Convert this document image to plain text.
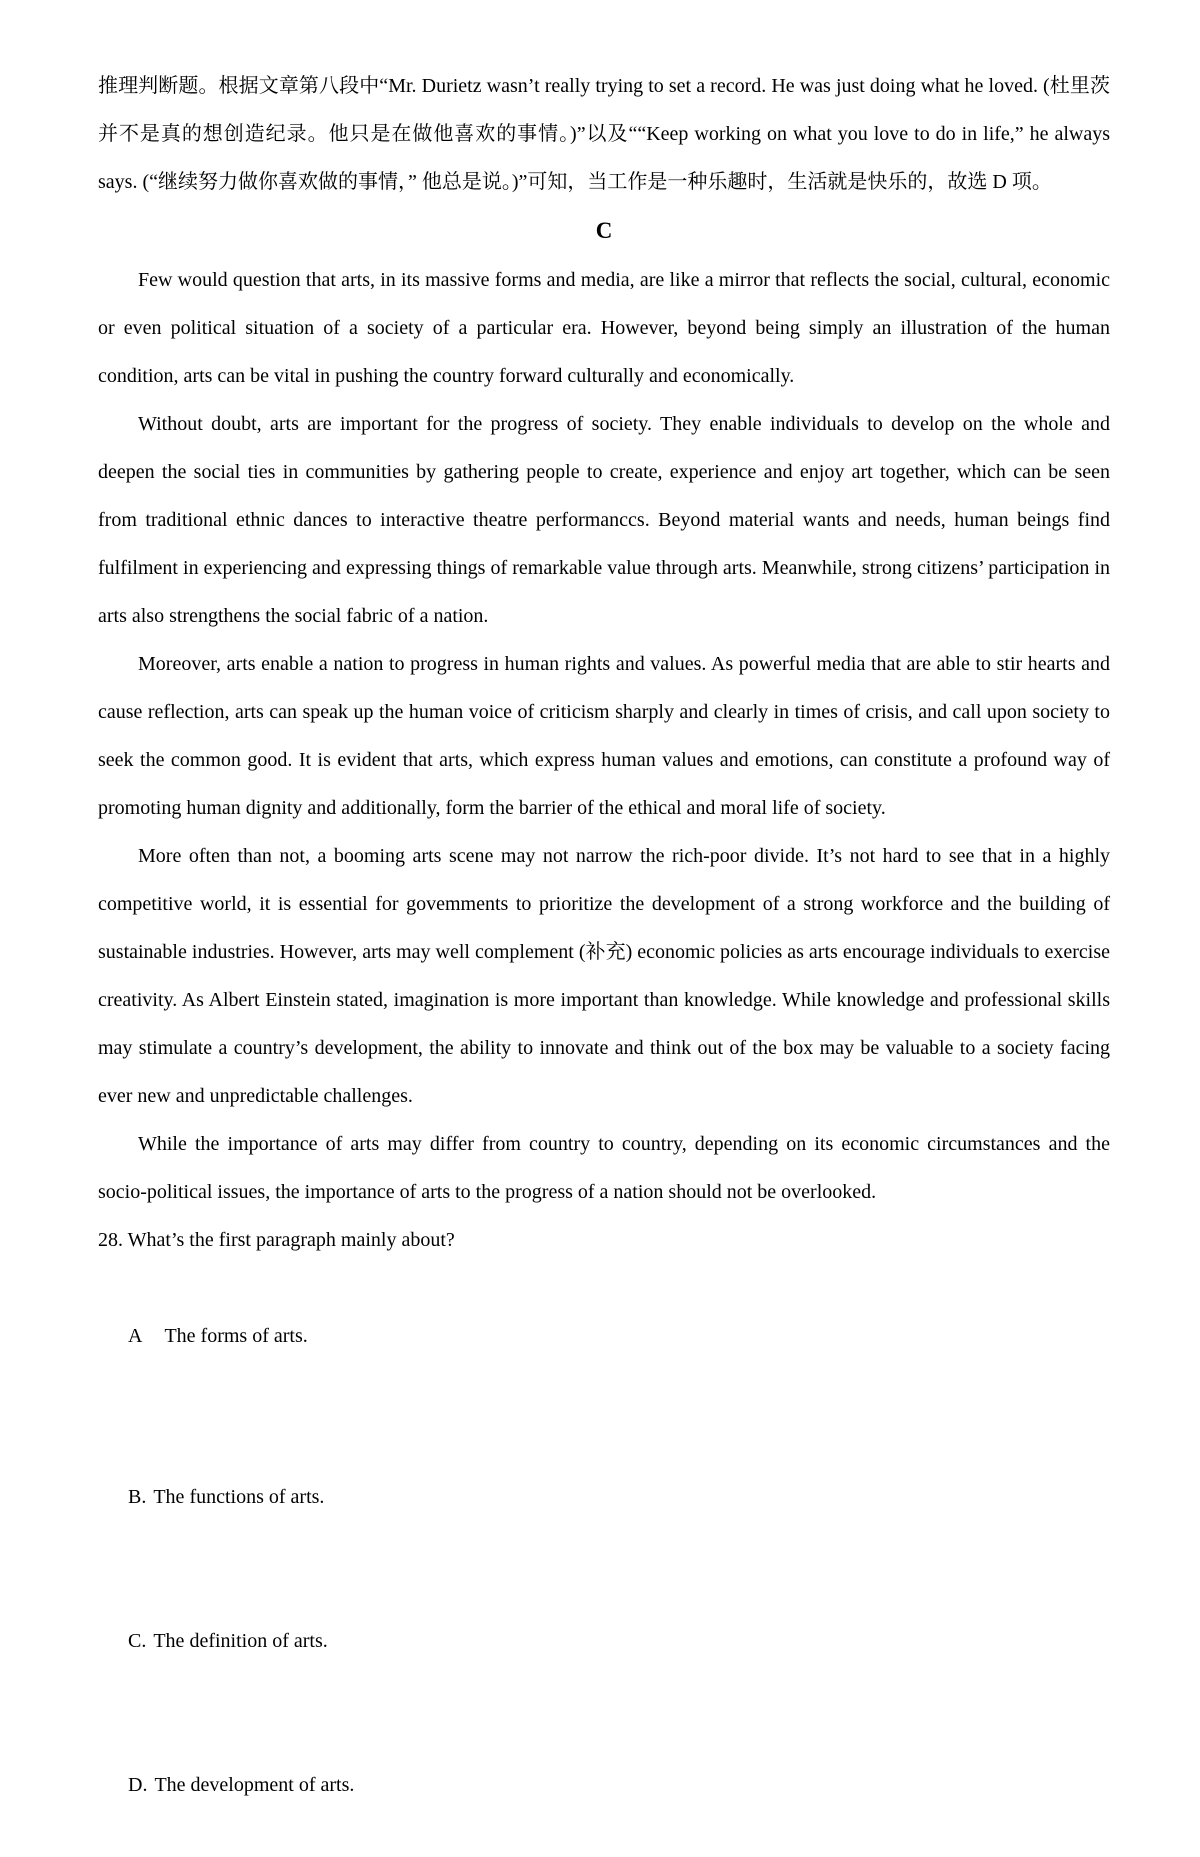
推理判断题。根据文章第八段中“Mr. Durietz wasn’t really trying to set a record. He was just doing what he loved. (杜里茨并不是真的想创造纪录。他只是在做他喜欢的事情。)”以及““Keep working on what you love to do in life,” he always says. (“继续努力做你喜欢做的事情，” 他总是说。)”可知，当工作是一种乐趣时，生活就是快乐的，故选 D 项。

C

Few would question that arts, in its massive forms and media, are like a mirror that reflects the social, cultural, economic or even political situation of a society of a particular era. However, beyond being simply an illustration of the human condition, arts can be vital in pushing the country forward culturally and economically.

Without doubt, arts are important for the progress of society. They enable individuals to develop on the whole and deepen the social ties in communities by gathering people to create, experience and enjoy art together, which can be seen from traditional ethnic dances to interactive theatre performanccs. Beyond material wants and needs, human beings find fulfilment in experiencing and expressing things of remarkable value through arts. Meanwhile, strong citizens’ participation in arts also strengthens the social fabric of a nation.

Moreover, arts enable a nation to progress in human rights and values. As powerful media that are able to stir hearts and cause reflection, arts can speak up the human voice of criticism sharply and clearly in times of crisis, and call upon society to seek the common good. It is evident that arts, which express human values and emotions, can constitute a profound way of promoting human dignity and additionally, form the barrier of the ethical and moral life of society.

More often than not, a booming arts scene may not narrow the rich-poor divide. It’s not hard to see that in a highly competitive world, it is essential for govemments to prioritize the development of a strong workforce and the building of sustainable industries. However, arts may well complement (补充) economic policies as arts encourage individuals to exercise creativity. As Albert Einstein stated, imagination is more important than knowledge. While knowledge and professional skills may stimulate a country’s development, the ability to innovate and think out of the box may be valuable to a society facing ever new and unpredictable challenges.

While the importance of arts may differ from country to country, depending on its economic circumstances and the socio-political issues, the importance of arts to the progress of a nation should not be overlooked.

28. What’s the first paragraph mainly about?

A The forms of arts.

B. The functions of arts.

C. The definition of arts.

D. The development of arts.
